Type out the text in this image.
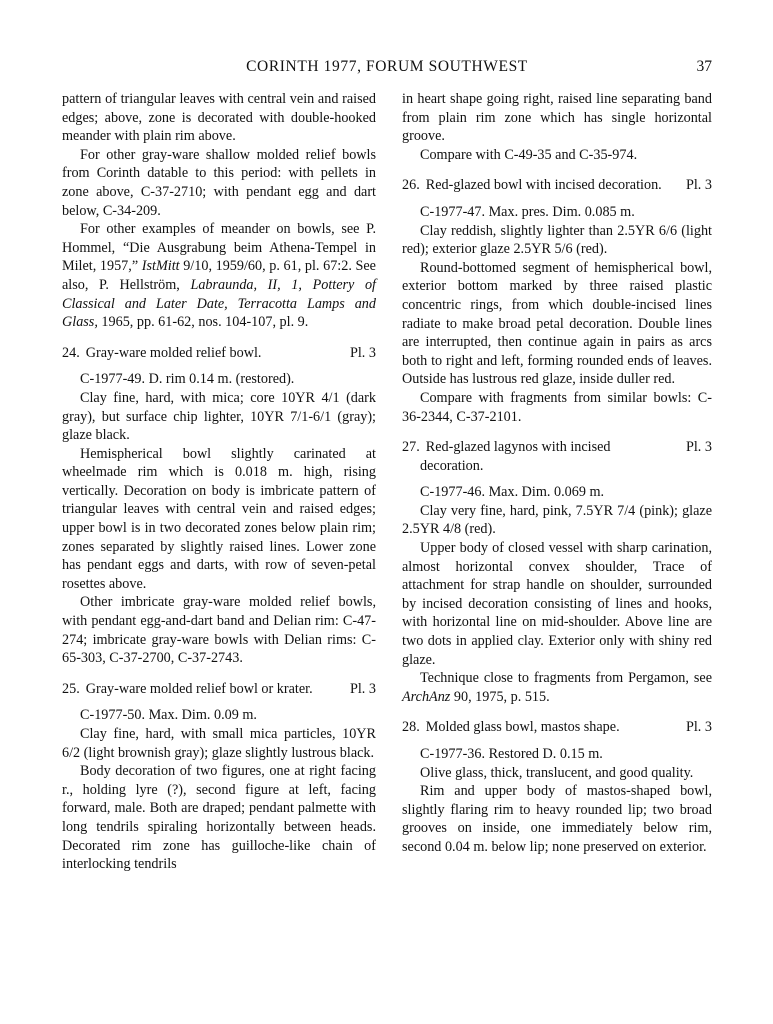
CORINTH 1977, FORUM SOUTHWEST	37

pattern of triangular leaves with central vein and raised edges; above, zone is decorated with double-hooked meander with plain rim above.

For other gray-ware shallow molded relief bowls from Corinth datable to this period: with pellets in zone above, C-37-2710; with pendant egg and dart below, C-34-209.

For other examples of meander on bowls, see P. Hommel, “Die Ausgrabung beim Athena-Tempel in Milet, 1957,” IstMitt 9/10, 1959/60, p. 61, pl. 67:2. See also, P. Hellström, Labraunda, II, 1, Pottery of Classical and Later Date, Terracotta Lamps and Glass, 1965, pp. 61-62, nos. 104-107, pl. 9.

24. Gray-ware molded relief bowl.	Pl. 3

C-1977-49. D. rim 0.14 m. (restored).

Clay fine, hard, with mica; core 10YR 4/1 (dark gray), but surface chip lighter, 10YR 7/1-6/1 (gray); glaze black.

Hemispherical bowl slightly carinated at wheelmade rim which is 0.018 m. high, rising vertically. Decoration on body is imbricate pattern of triangular leaves with central vein and raised edges; upper bowl is in two decorated zones below plain rim; zones separated by slightly raised lines. Lower zone has pendant eggs and darts, with row of seven-petal rosettes above.

Other imbricate gray-ware molded relief bowls, with pendant egg-and-dart band and Delian rim: C-47-274; imbricate gray-ware bowls with Delian rims: C-65-303, C-37-2700, C-37-2743.

25. Gray-ware molded relief bowl or krater.	Pl. 3

C-1977-50. Max. Dim. 0.09 m.

Clay fine, hard, with small mica particles, 10YR 6/2 (light brownish gray); glaze slightly lustrous black.

Body decoration of two figures, one at right facing r., holding lyre (?), second figure at left, facing forward, male. Both are draped; pendant palmette with long tendrils spiraling horizontally between heads. Decorated rim zone has guilloche-like chain of interlocking tendrils

in heart shape going right, raised line separating band from plain rim zone which has single horizontal groove.

Compare with C-49-35 and C-35-974.

26. Red-glazed bowl with incised decoration.	Pl. 3

C-1977-47. Max. pres. Dim. 0.085 m.

Clay reddish, slightly lighter than 2.5YR 6/6 (light red); exterior glaze 2.5YR 5/6 (red).

Round-bottomed segment of hemispherical bowl, exterior bottom marked by three raised plastic concentric rings, from which double-incised lines radiate to make broad petal decoration. Double lines are interrupted, then continue again in pairs as arcs both to right and left, forming rounded ends of leaves. Outside has lustrous red glaze, inside duller red.

Compare with fragments from similar bowls: C-36-2344, C-37-2101.

27. Red-glazed lagynos with incised decoration.
Pl. 3

C-1977-46. Max. Dim. 0.069 m.

Clay very fine, hard, pink, 7.5YR 7/4 (pink); glaze 2.5YR 4/8 (red).

Upper body of closed vessel with sharp carination, almost horizontal convex shoulder, Trace of attachment for strap handle on shoulder, surrounded by incised decoration consisting of lines and hooks, with horizontal line on mid-shoulder. Above line are two dots in applied clay. Exterior only with shiny red glaze.

Technique close to fragments from Pergamon, see ArchAnz 90, 1975, p. 515.

28. Molded glass bowl, mastos shape.	Pl. 3

C-1977-36. Restored D. 0.15 m.

Olive glass, thick, translucent, and good quality.

Rim and upper body of mastos-shaped bowl, slightly flaring rim to heavy rounded lip; two broad grooves on inside, one immediately below rim, second 0.04 m. below lip; none preserved on exterior.
